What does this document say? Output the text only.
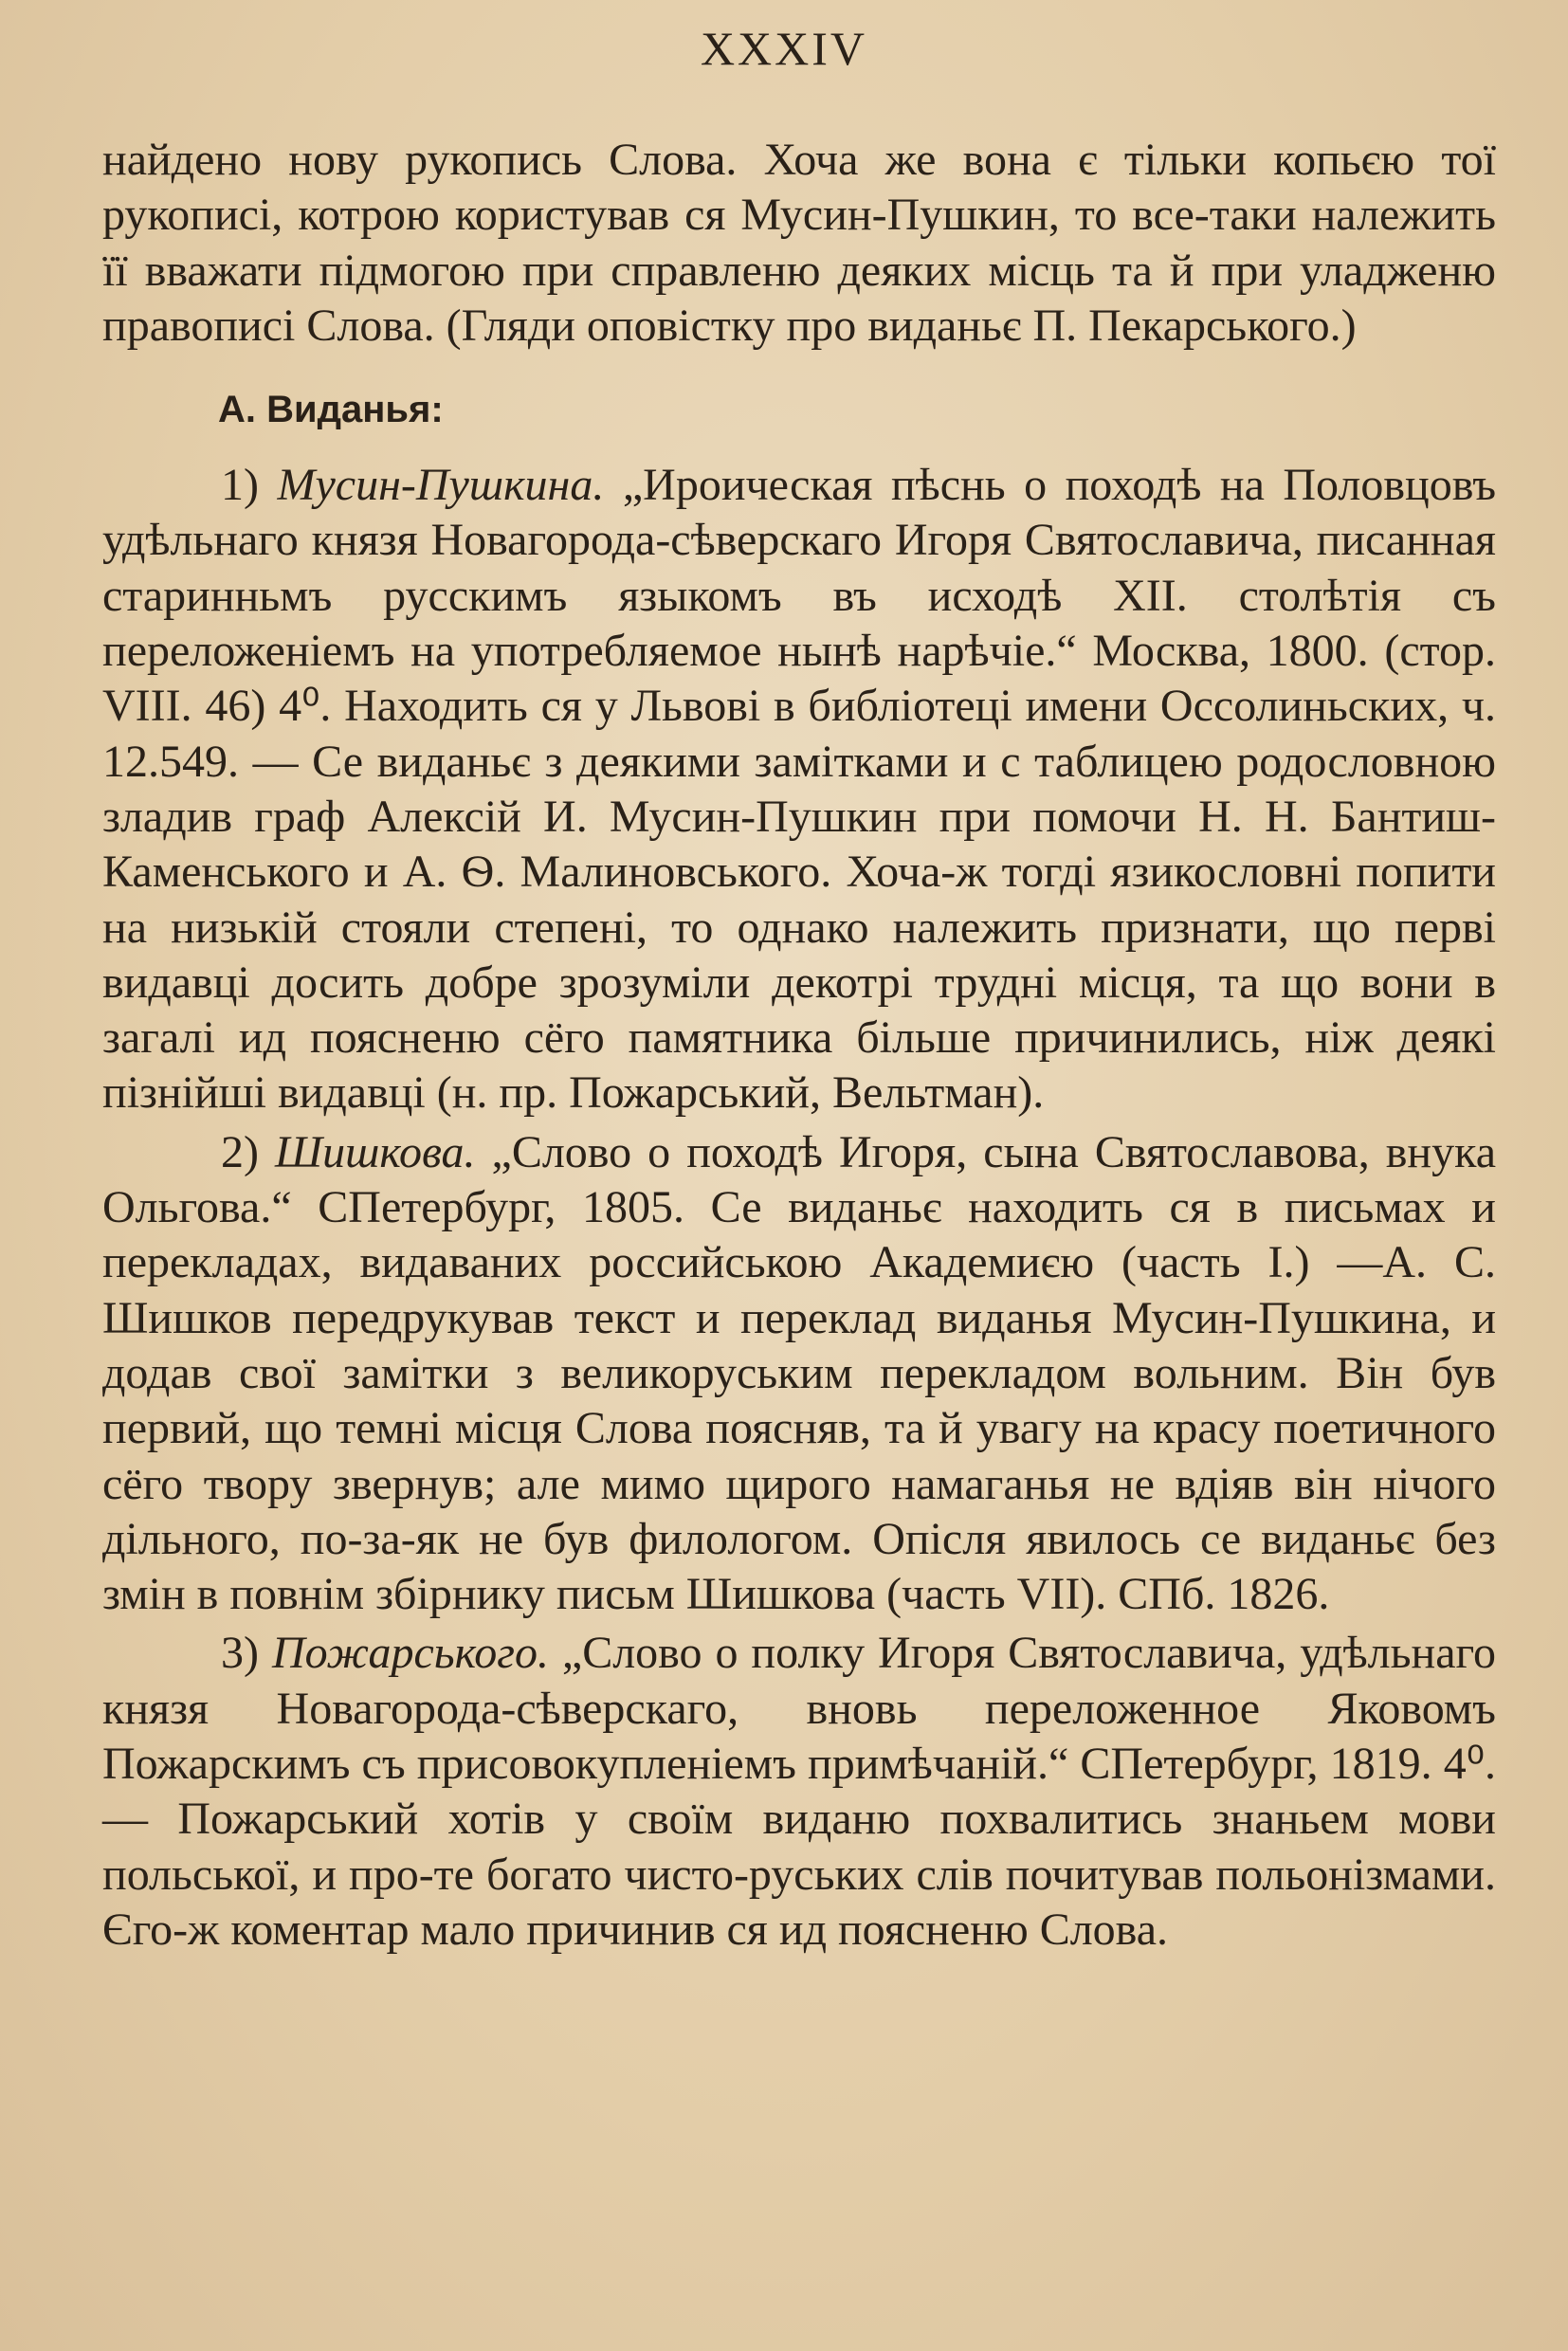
XXXIV

найдено нову рукопись Слова. Хоча же вона є тільки копьєю тої рукописі, котрою користував ся Мусин-Пушкин, то все-таки належить її вважати підмогою при справленю деяких місць та й при уладженю правописі Слова. (Гляди оповістку про виданьє П. Пекарського.)

А. Виданья:

1) Мусин-Пушкина. „Ироическая пѣснь о походѣ на Половцовъ удѣльнаго князя Новагорода-сѣверскаго Игоря Святославича, писанная старинньмъ русскимъ языкомъ въ исходѣ XII. столѣтія съ переложеніемъ на употребляемое нынѣ нарѣчіе.“ Москва, 1800. (стор. VIII. 46) 4⁰. Находить ся у Львові в библіотеці имени Оссолиньских, ч. 12.549. — Се виданьє з деякими замітками и с таблицею родословною зладив граф Алексій И. Мусин-Пушкин при помочи Н. Н. Бантиш-Каменського и А. Ѳ. Малиновського. Хоча-ж тогді язикословні попити на низькій стояли степені, то однако належить признати, що перві видавці досить добре зрозуміли декотрі трудні місця, та що вони в загалі ид поясненю сёго памятника більше причинились, ніж деякі пізнійші видавці (н. пр. Пожарський, Вельтман).

2) Шишкова. „Слово о походѣ Игоря, сына Святославова, внука Ольгова.“ СПетербург, 1805. Се виданьє находить ся в письмах и перекладах, видаваних российською Академиєю (часть I.) —А. С. Шишков передрукував текст и переклад виданья Мусин-Пушкина, и додав свої замітки з великоруським перекладом вольним. Він був первий, що темні місця Слова поясняв, та й увагу на красу поетичного сёго твору звернув; але мимо щирого намаганья не вдіяв він нічого дільного, по-за-як не був филологом. Опісля явилось се виданьє без змін в повнім збірнику письм Шишкова (часть VII). СПб. 1826.

3) Пожарського. „Слово о полку Игоря Святославича, удѣльнаго князя Новагорода-сѣверскаго, вновь переложенное Яковомъ Пожарскимъ съ присовокупленіемъ примѣчаній.“ СПетербург, 1819. 4⁰. — Пожарський хотів у своїм виданю похвалитись знаньем мови польської, и про-те богато чисто-руських слів почитував польонізмами. Єго-ж коментар мало причинив ся ид поясненю Слова.
